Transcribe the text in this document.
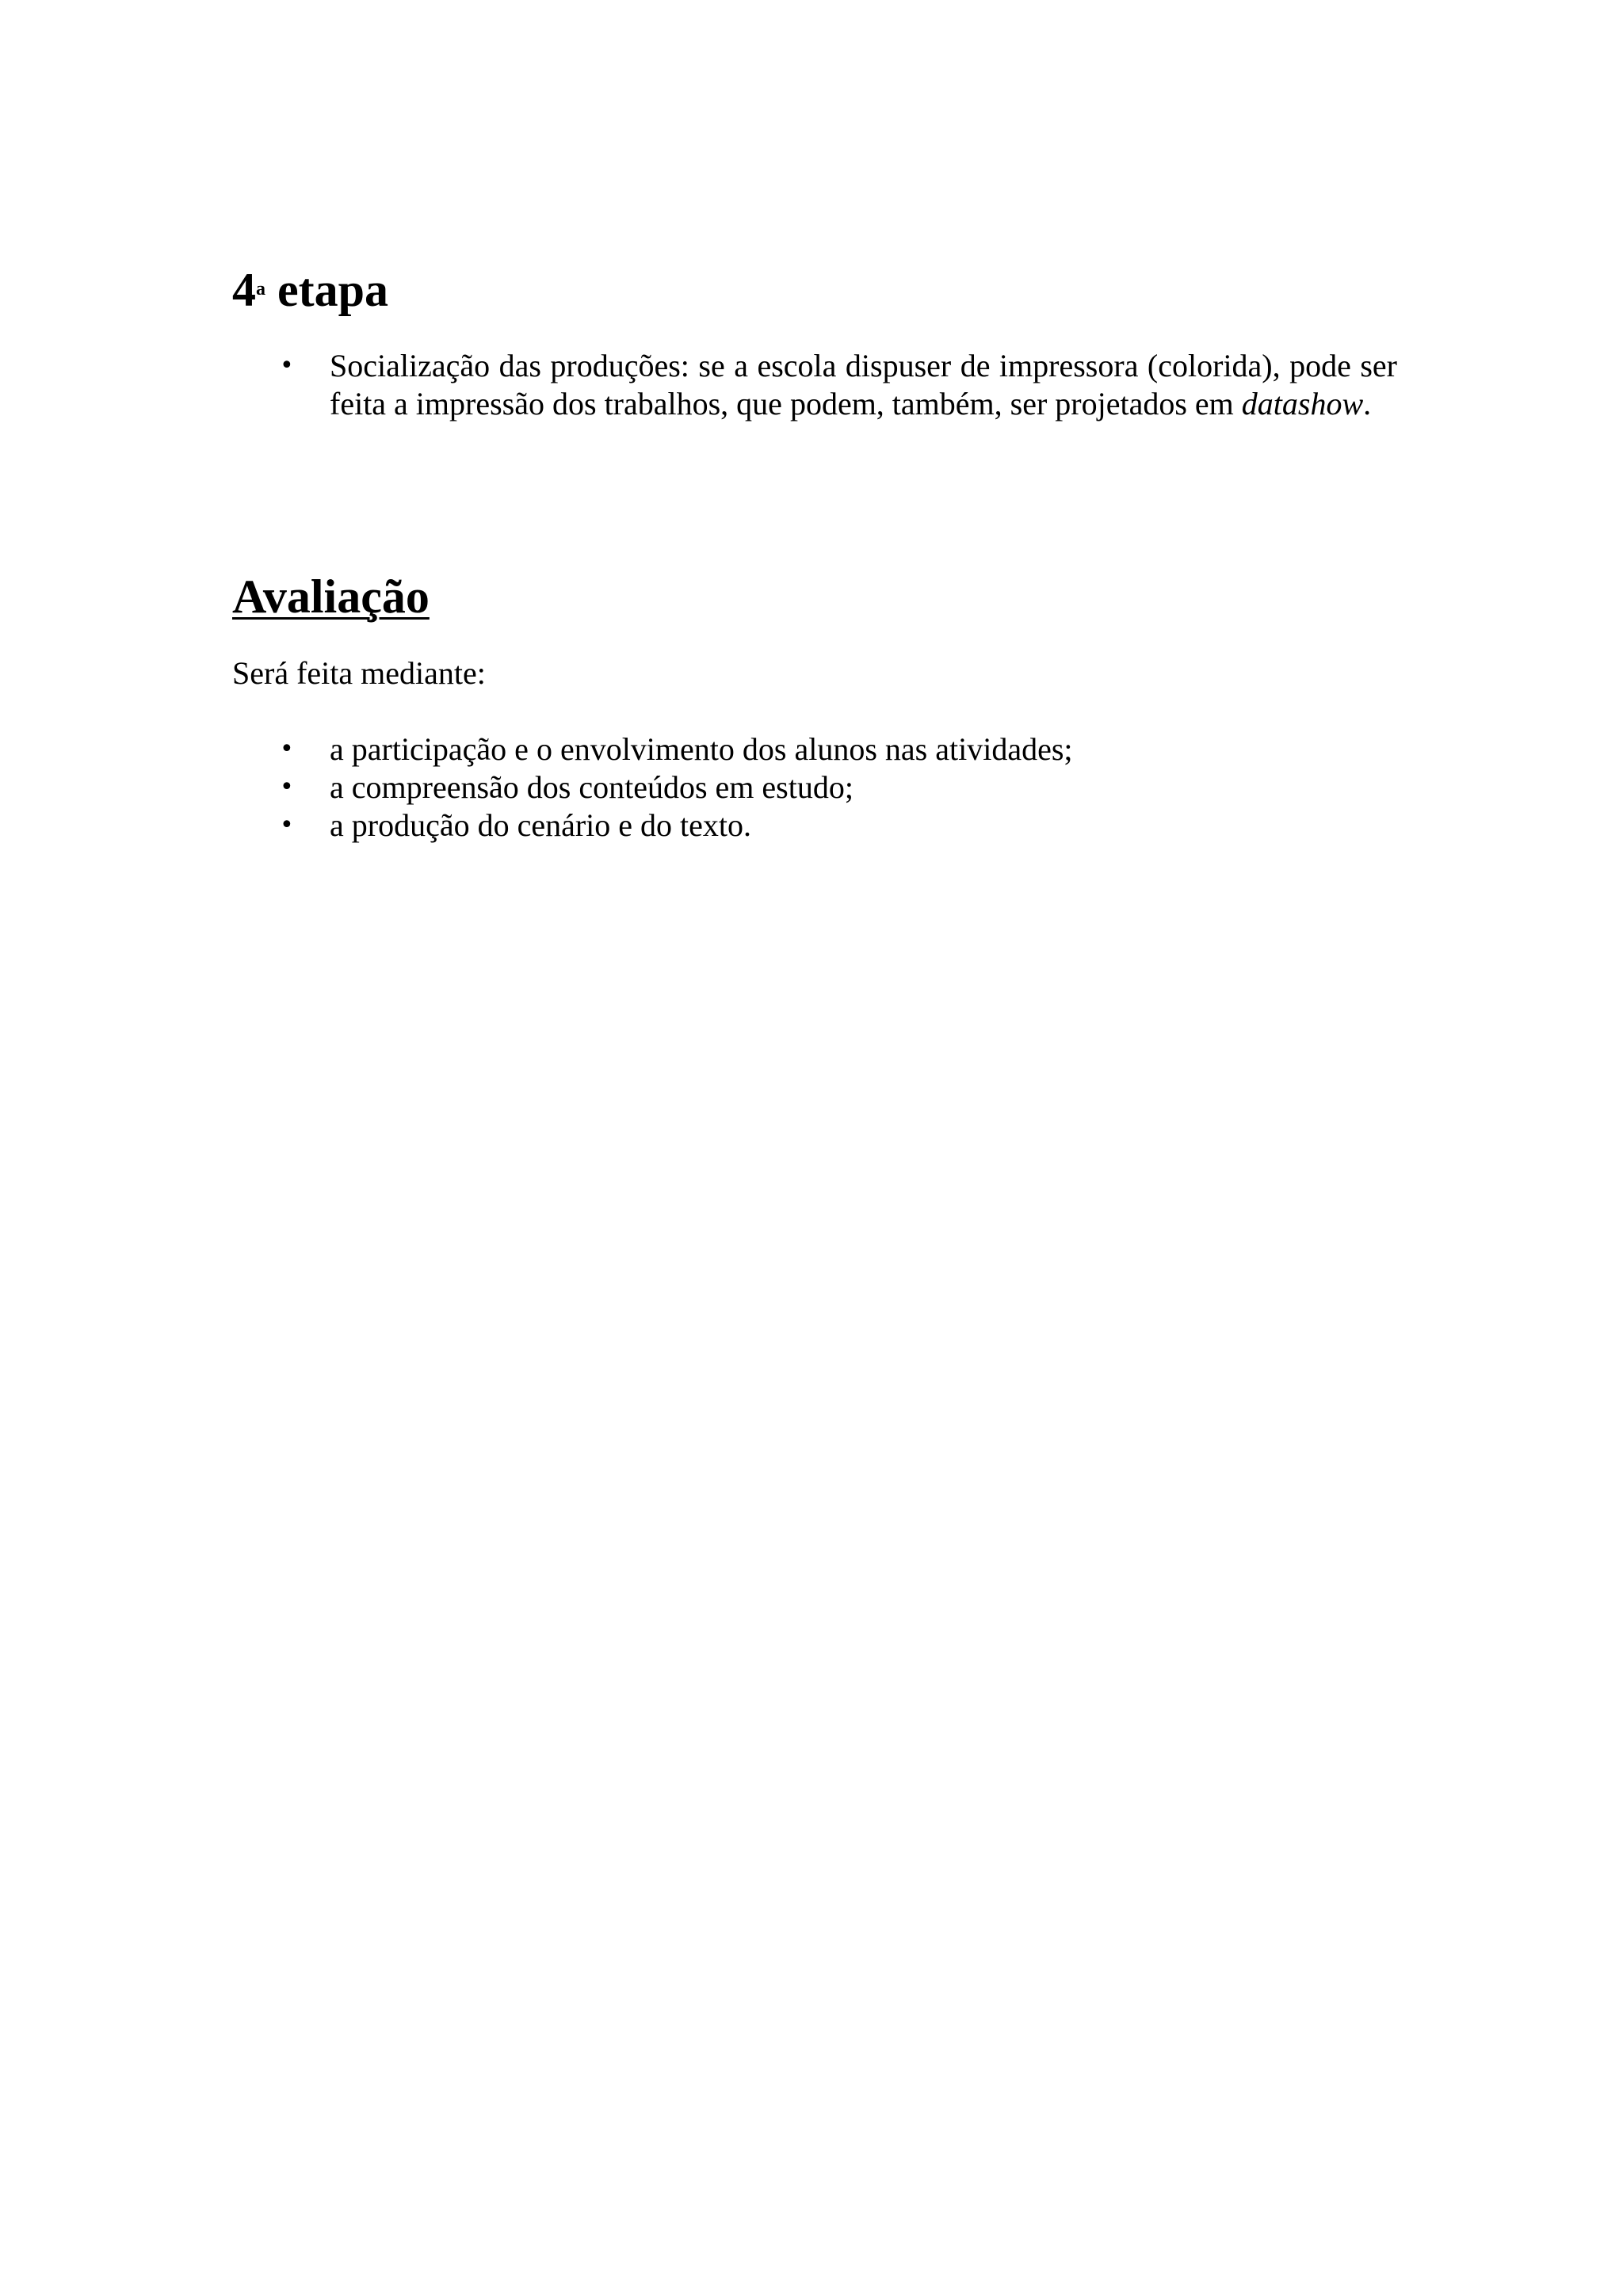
4$^a$ etapa
• Socialização das produções: se a escola dispuser de impressora (colorida), pode ser feita a impressão dos trabalhos, que podem, também, ser projetados em datashow.
Avaliação

Será feita mediante:

• a participação e o envolvimento dos alunos nas atividades;
• a compreensão dos conteúdos em estudo;
• a produção do cenário e do texto.
